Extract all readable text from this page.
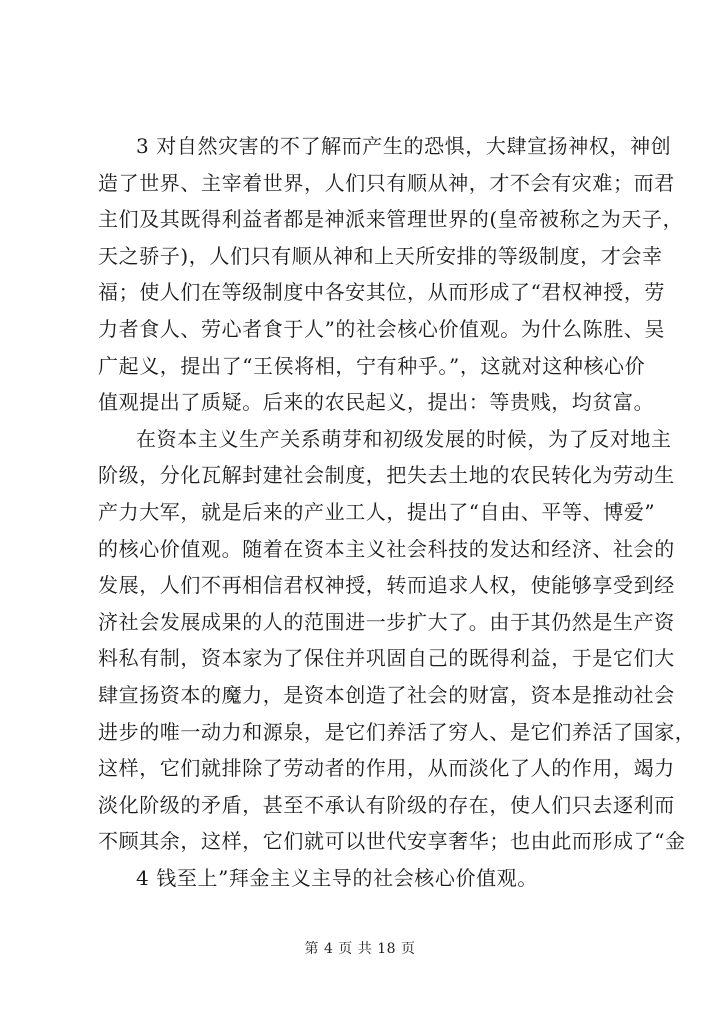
3 对自然灾害的不了解而产生的恐惧，大肆宣扬神权，神创
造了世界、主宰着世界，人们只有顺从神，才不会有灾难；而君
主们及其既得利益者都是神派来管理世界的(皇帝被称之为天子，
天之骄子)，人们只有顺从神和上天所安排的等级制度，才会幸
福；使人们在等级制度中各安其位，从而形成了“君权神授，劳
力者食人、劳心者食于人”的社会核心价值观。为什么陈胜、吴
广起义，提出了“王侯将相，宁有种乎。”，这就对这种核心价
值观提出了质疑。后来的农民起义，提出：等贵贱，均贫富。
在资本主义生产关系萌芽和初级发展的时候，为了反对地主
阶级，分化瓦解封建社会制度，把失去土地的农民转化为劳动生
产力大军，就是后来的产业工人，提出了“自由、平等、博爱”
的核心价值观。随着在资本主义社会科技的发达和经济、社会的
发展，人们不再相信君权神授，转而追求人权，使能够享受到经
济社会发展成果的人的范围进一步扩大了。由于其仍然是生产资
料私有制，资本家为了保住并巩固自己的既得利益，于是它们大
肆宣扬资本的魔力，是资本创造了社会的财富，资本是推动社会
进步的唯一动力和源泉，是它们养活了穷人、是它们养活了国家，
这样，它们就排除了劳动者的作用，从而淡化了人的作用，竭力
淡化阶级的矛盾，甚至不承认有阶级的存在，使人们只去逐利而
不顾其余，这样，它们就可以世代安享奢华；也由此而形成了“金
4 钱至上”拜金主义主导的社会核心价值观。
第 4 页 共 18 页
